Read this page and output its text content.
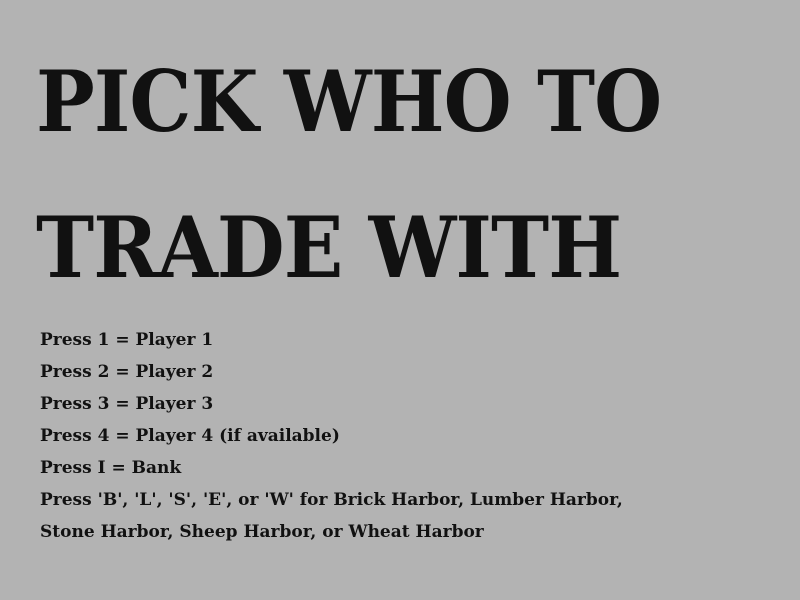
PICK WHO TO
TRADE WITH
Press 1 = Player 1
Press 2 = Player 2
Press 3 = Player 3
Press 4 = Player 4 (if available)
Press I = Bank
Press 'B', 'L', 'S', 'E', or 'W' for Brick Harbor, Lumber Harbor,
Stone Harbor, Sheep Harbor, or Wheat Harbor
